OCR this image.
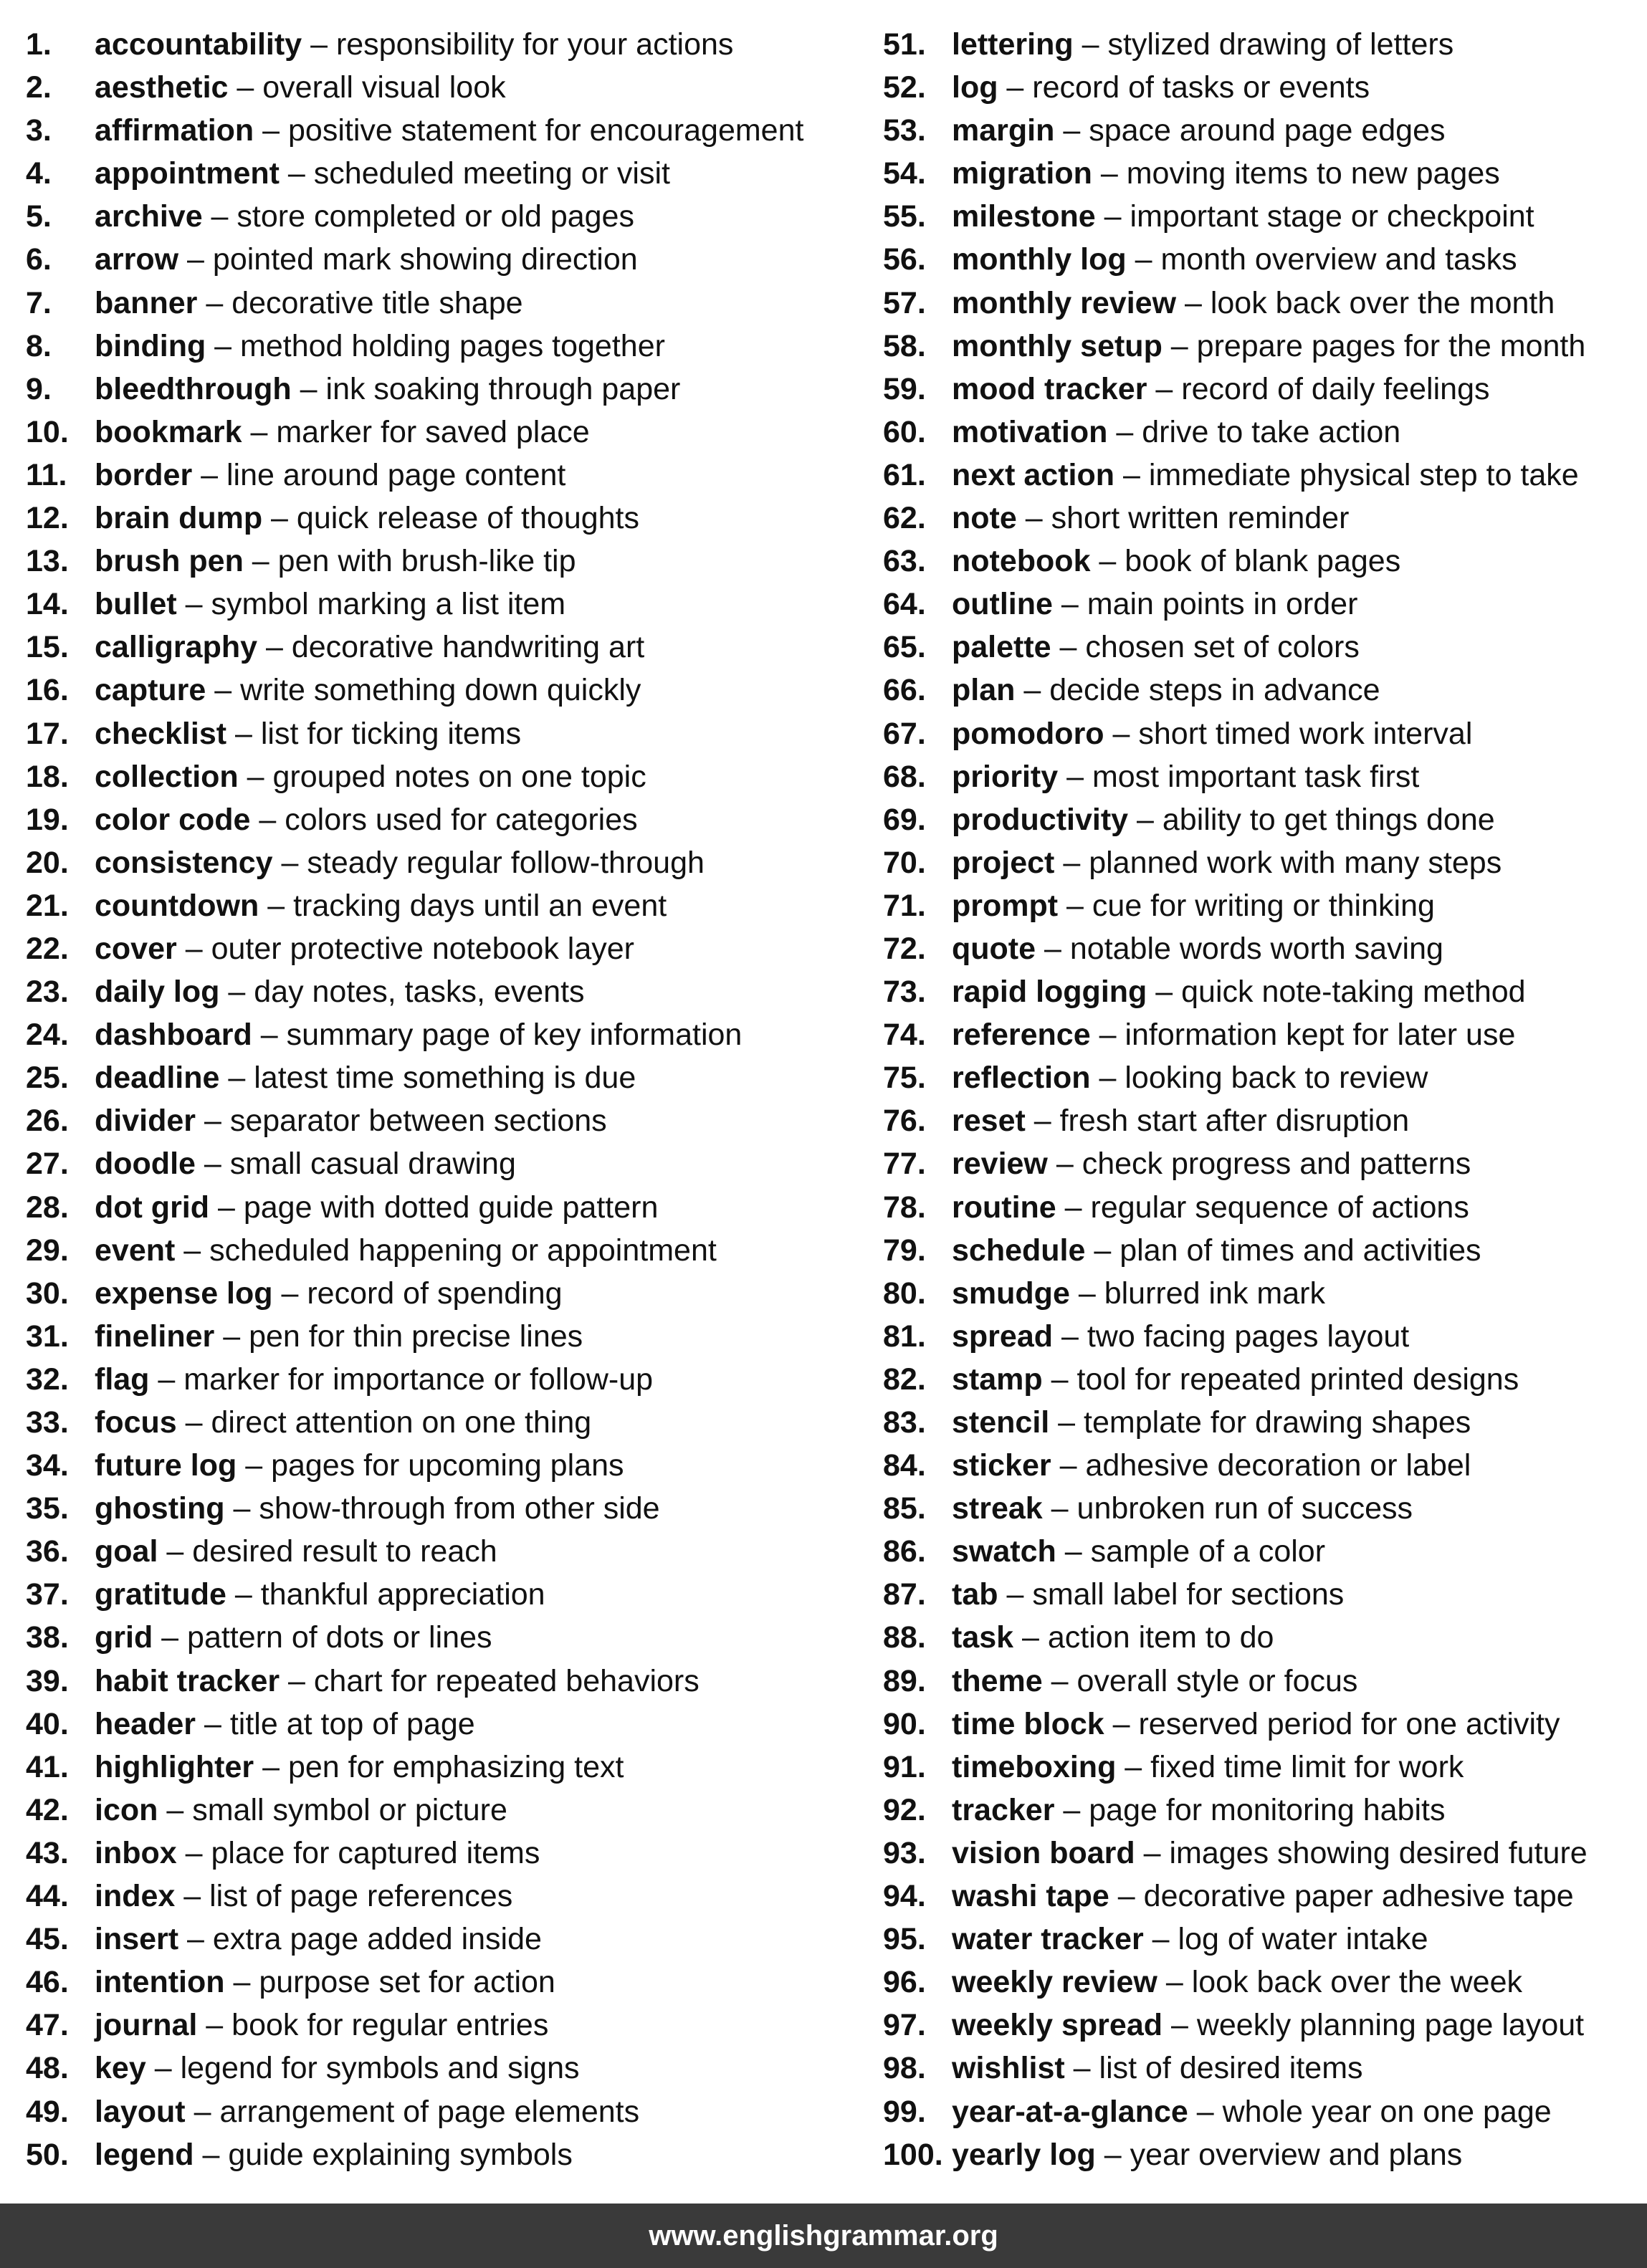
1.	accountability – responsibility for your actions
2.	aesthetic – overall visual look
3.	affirmation – positive statement for encouragement
4.	appointment – scheduled meeting or visit
5.	archive – store completed or old pages
6.	arrow – pointed mark showing direction
7.	banner – decorative title shape
8.	binding – method holding pages together
9.	bleedthrough – ink soaking through paper
10. bookmark – marker for saved place
11. border – line around page content
12. brain dump – quick release of thoughts
13. brush pen – pen with brush-like tip
14. bullet – symbol marking a list item
15. calligraphy – decorative handwriting art
16. capture – write something down quickly
17. checklist – list for ticking items
18. collection – grouped notes on one topic
19. color code – colors used for categories
20. consistency – steady regular follow-through
21. countdown – tracking days until an event
22. cover – outer protective notebook layer
23. daily log – day notes, tasks, events
24. dashboard – summary page of key information
25. deadline – latest time something is due
26. divider – separator between sections
27. doodle – small casual drawing
28. dot grid – page with dotted guide pattern
29. event – scheduled happening or appointment
30. expense log – record of spending
31. fineliner – pen for thin precise lines
32. flag – marker for importance or follow-up
33. focus – direct attention on one thing
34. future log – pages for upcoming plans
35. ghosting – show-through from other side
36. goal – desired result to reach
37. gratitude – thankful appreciation
38. grid – pattern of dots or lines
39. habit tracker – chart for repeated behaviors
40. header – title at top of page
41. highlighter – pen for emphasizing text
42. icon – small symbol or picture
43. inbox – place for captured items
44. index – list of page references
45. insert – extra page added inside
46. intention – purpose set for action
47. journal – book for regular entries
48. key – legend for symbols and signs
49. layout – arrangement of page elements
50. legend – guide explaining symbols
51. lettering – stylized drawing of letters
52. log – record of tasks or events
53. margin – space around page edges
54. migration – moving items to new pages
55. milestone – important stage or checkpoint
56. monthly log – month overview and tasks
57. monthly review – look back over the month
58. monthly setup – prepare pages for the month
59. mood tracker – record of daily feelings
60. motivation – drive to take action
61. next action – immediate physical step to take
62. note – short written reminder
63. notebook – book of blank pages
64. outline – main points in order
65. palette – chosen set of colors
66. plan – decide steps in advance
67. pomodoro – short timed work interval
68. priority – most important task first
69. productivity – ability to get things done
70. project – planned work with many steps
71. prompt – cue for writing or thinking
72. quote – notable words worth saving
73. rapid logging – quick note-taking method
74. reference – information kept for later use
75. reflection – looking back to review
76. reset – fresh start after disruption
77. review – check progress and patterns
78. routine – regular sequence of actions
79. schedule – plan of times and activities
80. smudge – blurred ink mark
81. spread – two facing pages layout
82. stamp – tool for repeated printed designs
83. stencil – template for drawing shapes
84. sticker – adhesive decoration or label
85. streak – unbroken run of success
86. swatch – sample of a color
87. tab – small label for sections
88. task – action item to do
89. theme – overall style or focus
90. time block – reserved period for one activity
91. timeboxing – fixed time limit for work
92. tracker – page for monitoring habits
93. vision board – images showing desired future
94. washi tape – decorative paper adhesive tape
95. water tracker – log of water intake
96. weekly review – look back over the week
97. weekly spread – weekly planning page layout
98. wishlist – list of desired items
99. year-at-a-glance – whole year on one page
100. yearly log – year overview and plans
www.englishgrammar.org
